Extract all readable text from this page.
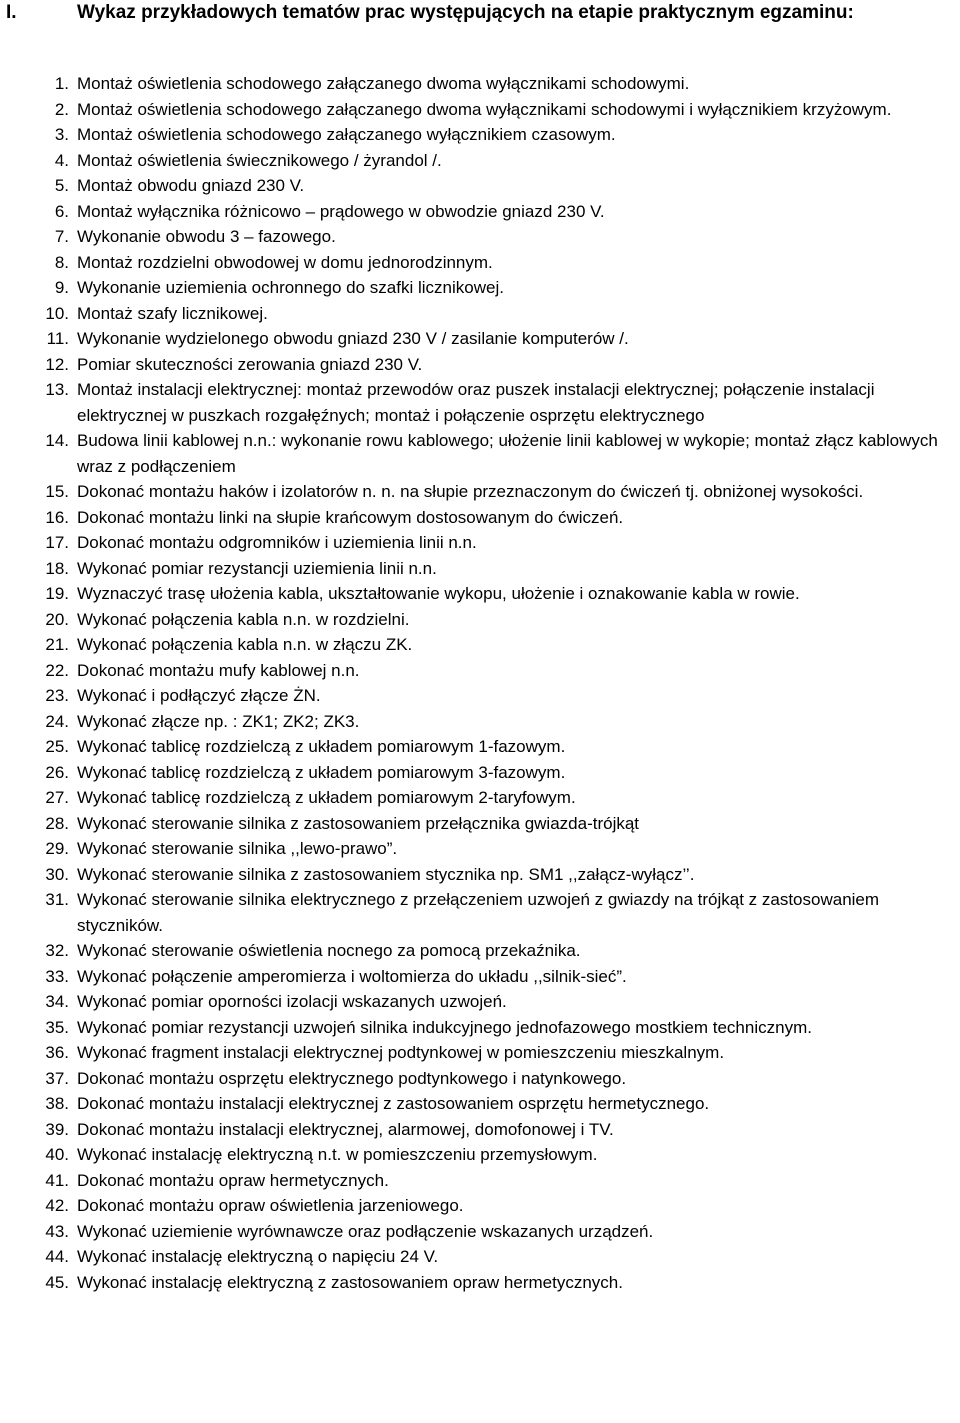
I.	Wykaz przykładowych tematów prac występujących na etapie praktycznym egzaminu:
1. Montaż oświetlenia schodowego załączanego dwoma wyłącznikami schodowymi.
2. Montaż oświetlenia schodowego załączanego dwoma wyłącznikami schodowymi i wyłącznikiem krzyżowym.
3. Montaż oświetlenia schodowego załączanego wyłącznikiem czasowym.
4. Montaż oświetlenia świecznikowego / żyrandol /.
5. Montaż obwodu gniazd 230 V.
6. Montaż wyłącznika różnicowo – prądowego w obwodzie gniazd 230 V.
7. Wykonanie obwodu 3 – fazowego.
8. Montaż rozdzielni obwodowej w domu jednorodzinnym.
9. Wykonanie uziemienia ochronnego do szafki licznikowej.
10. Montaż szafy licznikowej.
11. Wykonanie wydzielonego obwodu gniazd 230 V / zasilanie komputerów /.
12. Pomiar skuteczności zerowania gniazd 230 V.
13. Montaż instalacji elektrycznej: montaż przewodów oraz puszek instalacji elektrycznej; połączenie instalacji elektrycznej w puszkach rozgałęźnych; montaż i połączenie osprzętu elektrycznego
14. Budowa linii kablowej n.n.: wykonanie rowu kablowego; ułożenie linii kablowej w wykopie; montaż złącz kablowych wraz z podłączeniem
15. Dokonać montażu haków i izolatorów n. n. na słupie przeznaczonym do ćwiczeń tj. obniżonej wysokości.
16. Dokonać montażu linki na słupie krańcowym dostosowanym do ćwiczeń.
17. Dokonać montażu odgromników i uziemienia linii n.n.
18. Wykonać pomiar rezystancji uziemienia linii n.n.
19. Wyznaczyć trasę ułożenia kabla, ukształtowanie wykopu, ułożenie i oznakowanie kabla w rowie.
20. Wykonać połączenia kabla n.n. w rozdzielni.
21. Wykonać połączenia kabla n.n. w złączu ZK.
22. Dokonać montażu mufy kablowej n.n.
23. Wykonać i podłączyć złącze ŻN.
24. Wykonać złącze np. : ZK1; ZK2; ZK3.
25. Wykonać tablicę rozdzielczą z układem pomiarowym 1-fazowym.
26. Wykonać tablicę rozdzielczą z układem pomiarowym 3-fazowym.
27. Wykonać tablicę rozdzielczą z układem pomiarowym 2-taryfowym.
28. Wykonać sterowanie silnika z zastosowaniem przełącznika gwiazda-trójkąt
29. Wykonać sterowanie silnika ,,lewo-prawo”.
30. Wykonać sterowanie silnika z zastosowaniem stycznika np. SM1 ,,załącz-wyłącz’’.
31. Wykonać sterowanie silnika elektrycznego z przełączeniem uzwojeń z gwiazdy na trójkąt z zastosowaniem styczników.
32. Wykonać sterowanie oświetlenia nocnego za pomocą przekaźnika.
33. Wykonać połączenie amperomierza i woltomierza do układu ,,silnik-sieć”.
34. Wykonać pomiar oporności izolacji wskazanych uzwojeń.
35. Wykonać pomiar rezystancji uzwojeń silnika indukcyjnego jednofazowego mostkiem technicznym.
36. Wykonać fragment instalacji elektrycznej podtynkowej w pomieszczeniu mieszkalnym.
37. Dokonać montażu osprzętu elektrycznego podtynkowego i natynkowego.
38. Dokonać montażu instalacji elektrycznej z zastosowaniem osprzętu hermetycznego.
39. Dokonać montażu instalacji elektrycznej, alarmowej, domofonowej i TV.
40. Wykonać instalację elektryczną n.t. w pomieszczeniu przemysłowym.
41. Dokonać montażu opraw hermetycznych.
42. Dokonać montażu opraw oświetlenia jarzeniowego.
43. Wykonać uziemienie wyrównawcze oraz podłączenie wskazanych urządzeń.
44. Wykonać instalację elektryczną o napięciu 24 V.
45. Wykonać instalację elektryczną z zastosowaniem opraw hermetycznych.
